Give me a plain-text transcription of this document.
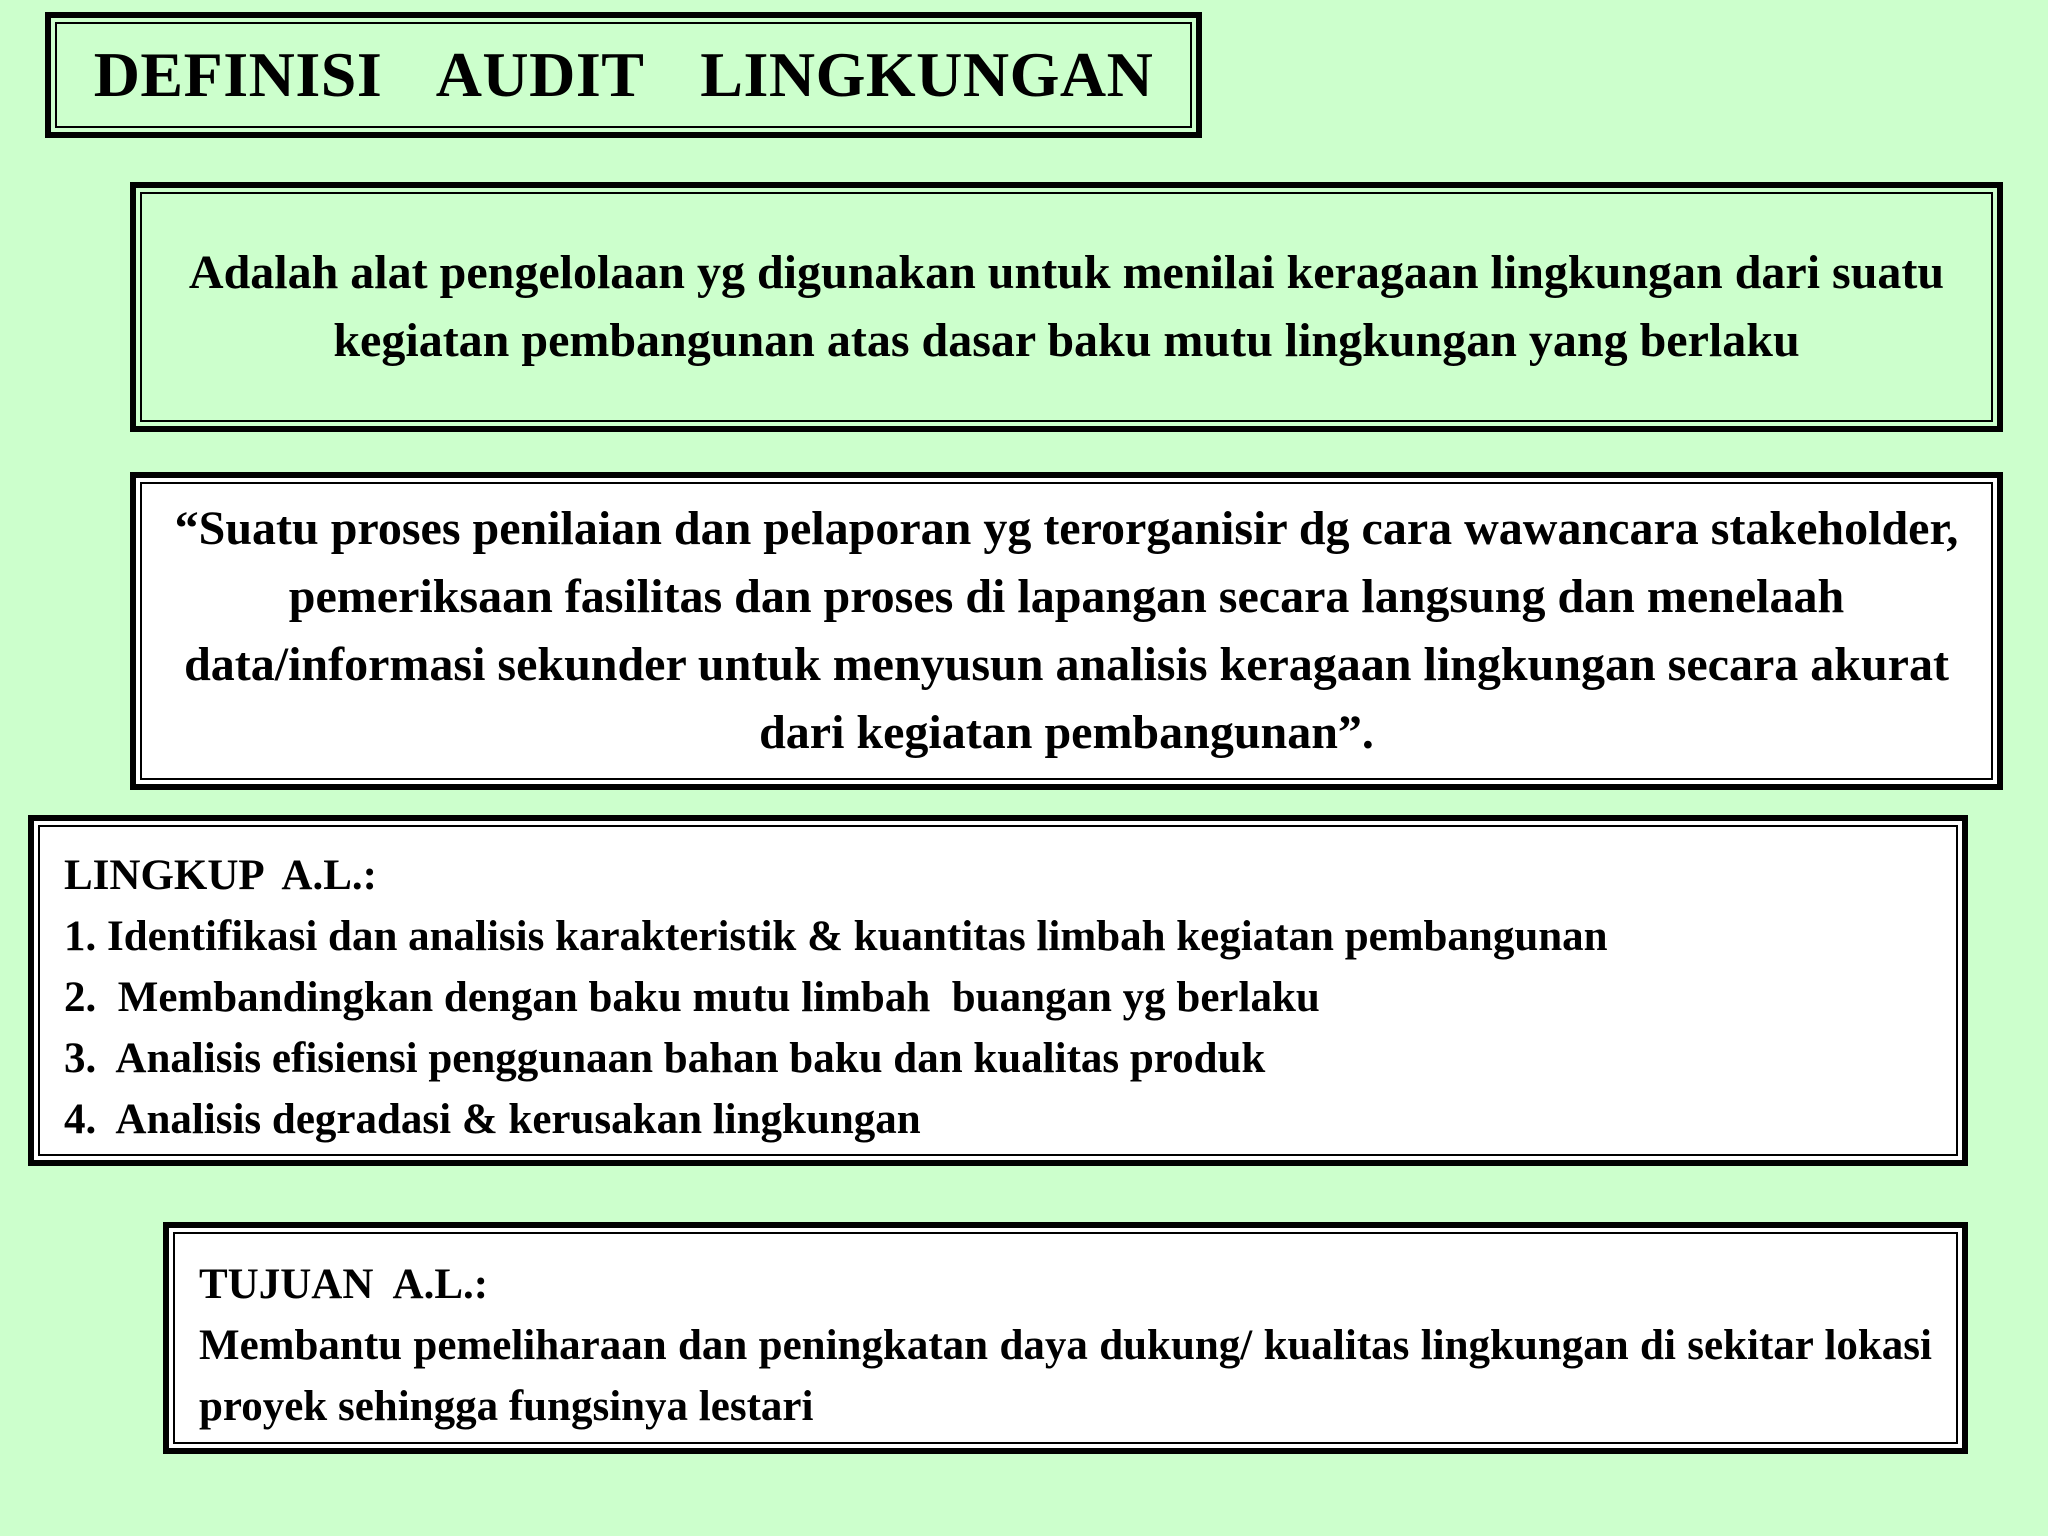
DEFINISI  AUDIT  LINGKUNGAN
Adalah alat pengelolaan yg digunakan untuk menilai keragaan lingkungan dari suatu kegiatan pembangunan atas dasar baku mutu lingkungan yang berlaku
“Suatu proses penilaian dan pelaporan yg terorganisir dg cara wawancara stakeholder, pemeriksaan fasilitas dan proses di lapangan secara langsung dan menelaah data/informasi sekunder untuk menyusun analisis keragaan lingkungan secara akurat dari kegiatan pembangunan”.
LINGKUP  A.L.:
1. Identifikasi dan analisis karakteristik & kuantitas limbah kegiatan pembangunan
2. Membandingkan dengan baku mutu limbah  buangan yg berlaku
3. Analisis efisiensi penggunaan bahan baku dan kualitas produk
4. Analisis degradasi & kerusakan lingkungan
TUJUAN  A.L.:
Membantu pemeliharaan dan peningkatan daya dukung/ kualitas lingkungan di sekitar lokasi proyek sehingga fungsinya lestari
